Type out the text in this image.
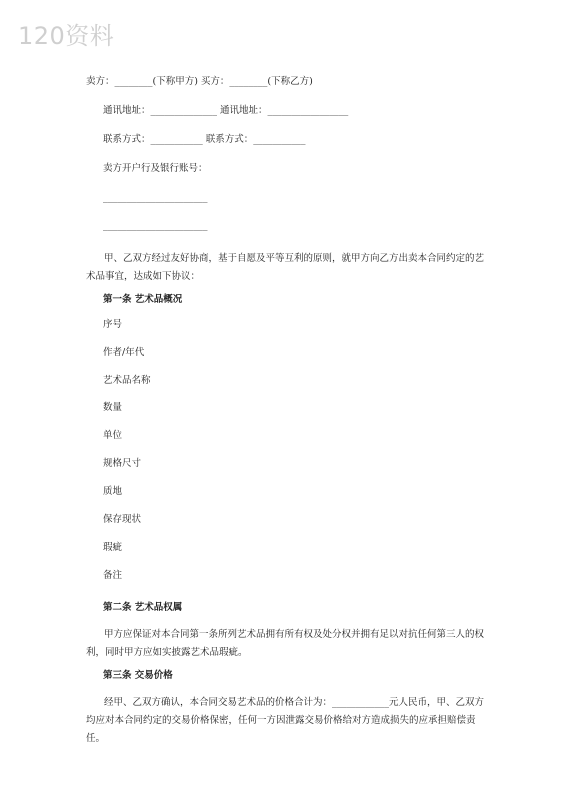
120资料
卖方：________(下称甲方) 买方：________(下称乙方)
通讯地址：______________ 通讯地址：_________________
联系方式：___________ 联系方式：___________
卖方开户行及银行账号：
______________________
______________________
甲、乙双方经过友好协商，基于自愿及平等互利的原则，就甲方向乙方出卖本合同约定的艺术品事宜，达成如下协议：
第一条 艺术品概况
序号
作者/年代
艺术品名称
数量
单位
规格尺寸
质地
保存现状
瑕疵
备注
第二条 艺术品权属
甲方应保证对本合同第一条所列艺术品拥有所有权及处分权并拥有足以对抗任何第三人的权利，同时甲方应如实披露艺术品瑕疵。
第三条 交易价格
经甲、乙双方确认，本合同交易艺术品的价格合计为：____________元人民币，甲、乙双方均应对本合同约定的交易价格保密，任何一方因泄露交易价格给对方造成损失的应承担赔偿责任。
